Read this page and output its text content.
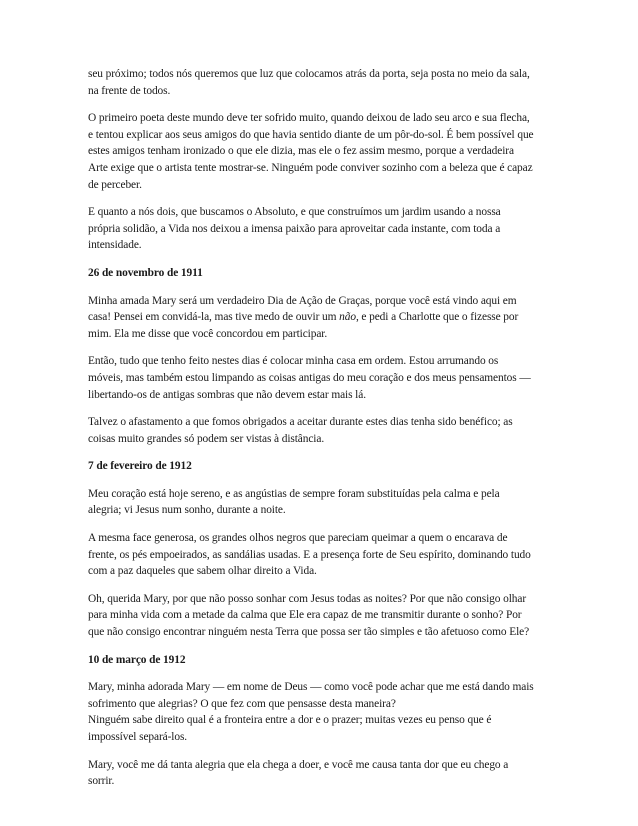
seu próximo; todos nós queremos que luz que colocamos atrás da porta, seja posta no meio da sala,
na frente de todos.
O primeiro poeta deste mundo deve ter sofrido muito, quando deixou de lado seu arco e sua flecha,
e tentou explicar aos seus amigos do que havia sentido diante de um pôr-do-sol. É bem possível que
estes amigos tenham ironizado o que ele dizia, mas ele o fez assim mesmo, porque a verdadeira
Arte exige que o artista tente mostrar-se. Ninguém pode conviver sozinho com a beleza que é capaz
de perceber.
E quanto a nós dois, que buscamos o Absoluto, e que construímos um jardim usando a nossa
própria solidão, a Vida nos deixou a imensa paixão para aproveitar cada instante, com toda a
intensidade.
26 de novembro de 1911
Minha amada Mary será um verdadeiro Dia de Ação de Graças, porque você está vindo aqui em
casa! Pensei em convidá-la, mas tive medo de ouvir um não, e pedi a Charlotte que o fizesse por
mim. Ela me disse que você concordou em participar.
Então, tudo que tenho feito nestes dias é colocar minha casa em ordem. Estou arrumando os
móveis, mas também estou limpando as coisas antigas do meu coração e dos meus pensamentos —
libertando-os de antigas sombras que não devem estar mais lá.
Talvez o afastamento a que fomos obrigados a aceitar durante estes dias tenha sido benéfico; as
coisas muito grandes só podem ser vistas à distância.
7 de fevereiro de 1912
Meu coração está hoje sereno, e as angústias de sempre foram substituídas pela calma e pela
alegria; vi Jesus num sonho, durante a noite.
A mesma face generosa, os grandes olhos negros que pareciam queimar a quem o encarava de
frente, os pés empoeirados, as sandálias usadas. E a presença forte de Seu espírito, dominando tudo
com a paz daqueles que sabem olhar direito a Vida.
Oh, querida Mary, por que não posso sonhar com Jesus todas as noites? Por que não consigo olhar
para minha vida com a metade da calma que Ele era capaz de me transmitir durante o sonho? Por
que não consigo encontrar ninguém nesta Terra que possa ser tão simples e tão afetuoso como Ele?
10 de março de 1912
Mary, minha adorada Mary — em nome de Deus — como você pode achar que me está dando mais
sofrimento que alegrias? O que fez com que pensasse desta maneira?
Ninguém sabe direito qual é a fronteira entre a dor e o prazer; muitas vezes eu penso que é
impossível separá-los.
Mary, você me dá tanta alegria que ela chega a doer, e você me causa tanta dor que eu chego a
sorrir.
